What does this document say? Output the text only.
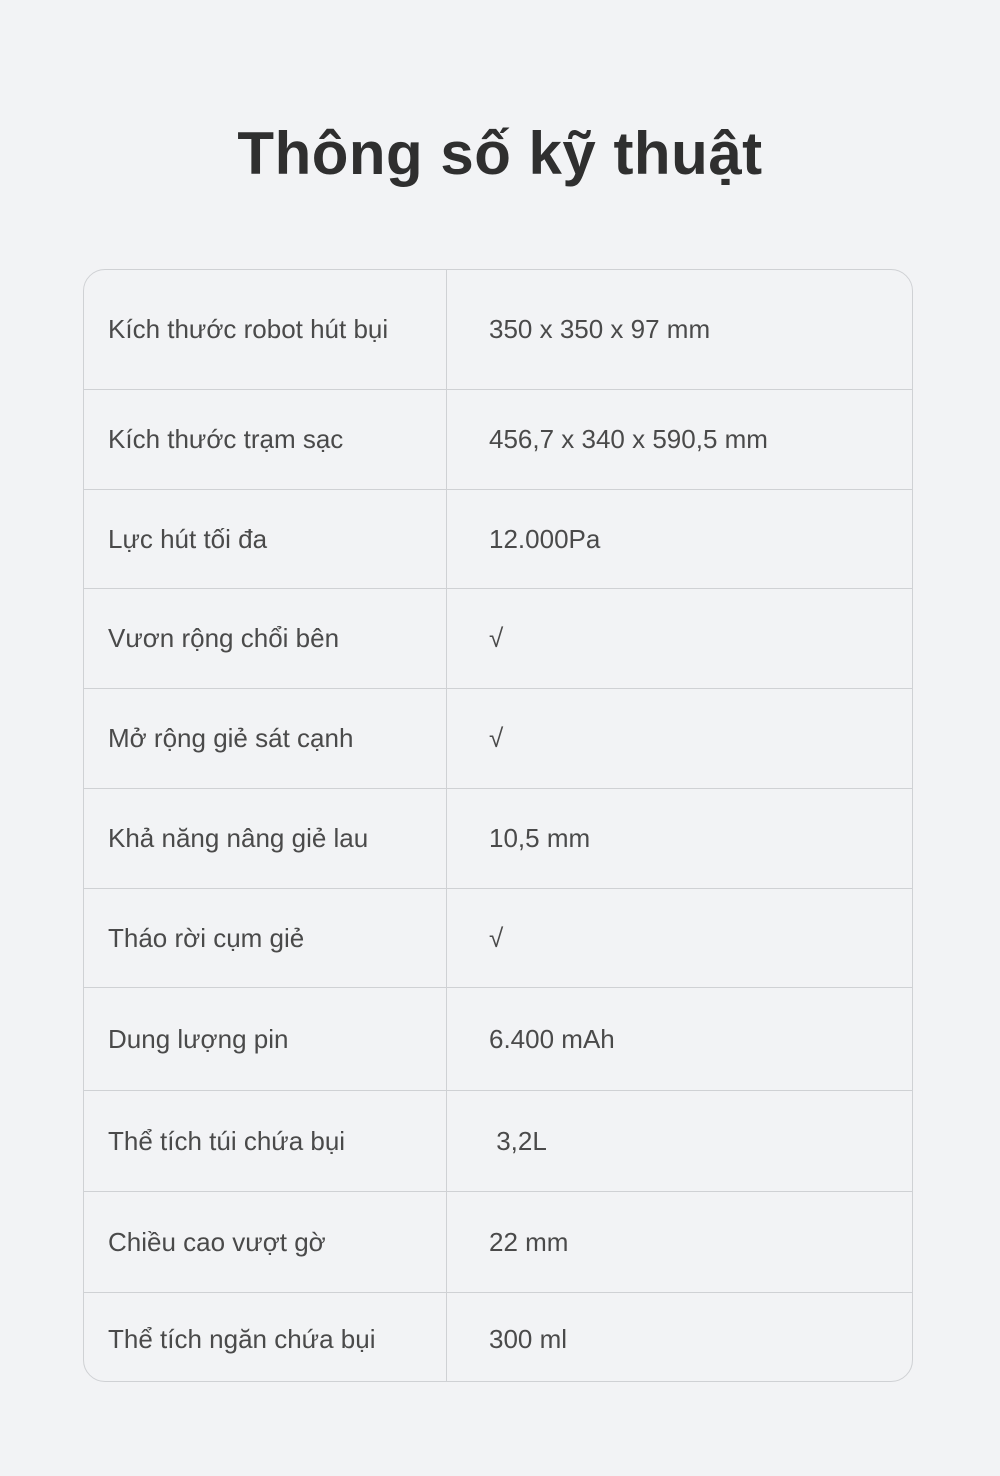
Thông số kỹ thuật
Kích thước robot hút bụi	350 x 350 x 97 mm
Kích thước trạm sạc	456,7 x 340 x 590,5 mm
Lực hút tối đa	12.000Pa
Vươn rộng chổi bên	√
Mở rộng giẻ sát cạnh	√
Khả năng nâng giẻ lau	10,5 mm
Tháo rời cụm giẻ	√
Dung lượng pin	6.400 mAh
Thể tích túi chứa bụi	3,2L
Chiều cao vượt gờ	22 mm
Thể tích ngăn chứa bụi	300 ml
